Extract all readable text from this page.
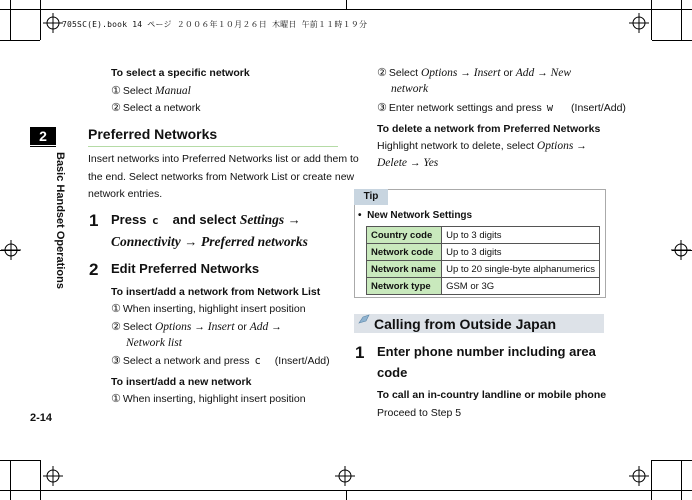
705SC(E).book 14 ページ ２００６年１０月２６日 木曜日 午前１１時１９分
2
Basic Handset Operations
2-14
To select a specific network
① Select Manual
② Select a network
Preferred Networks
Insert networks into Preferred Networks list or add them to
the end. Select networks from Network List or create new
network entries.
1 Press c and select Settings →
Connectivity → Preferred networks
2 Edit Preferred Networks
To insert/add a network from Network List
① When inserting, highlight insert position
② Select Options → Insert or Add →
Network list
③ Select a network and press c (Insert/Add)
To insert/add a new network
① When inserting, highlight insert position
② Select Options → Insert or Add → New
network
③ Enter network settings and press w (Insert/Add)
To delete a network from Preferred Networks
Highlight network to delete, select Options →
Delete → Yes
Tip
• New Network Settings
Country code	Up to 3 digits
Network code	Up to 3 digits
Network name	Up to 20 single-byte alphanumerics
Network type	GSM or 3G
Calling from Outside Japan
1 Enter phone number including area
code
To call an in-country landline or mobile phone
Proceed to Step 5
